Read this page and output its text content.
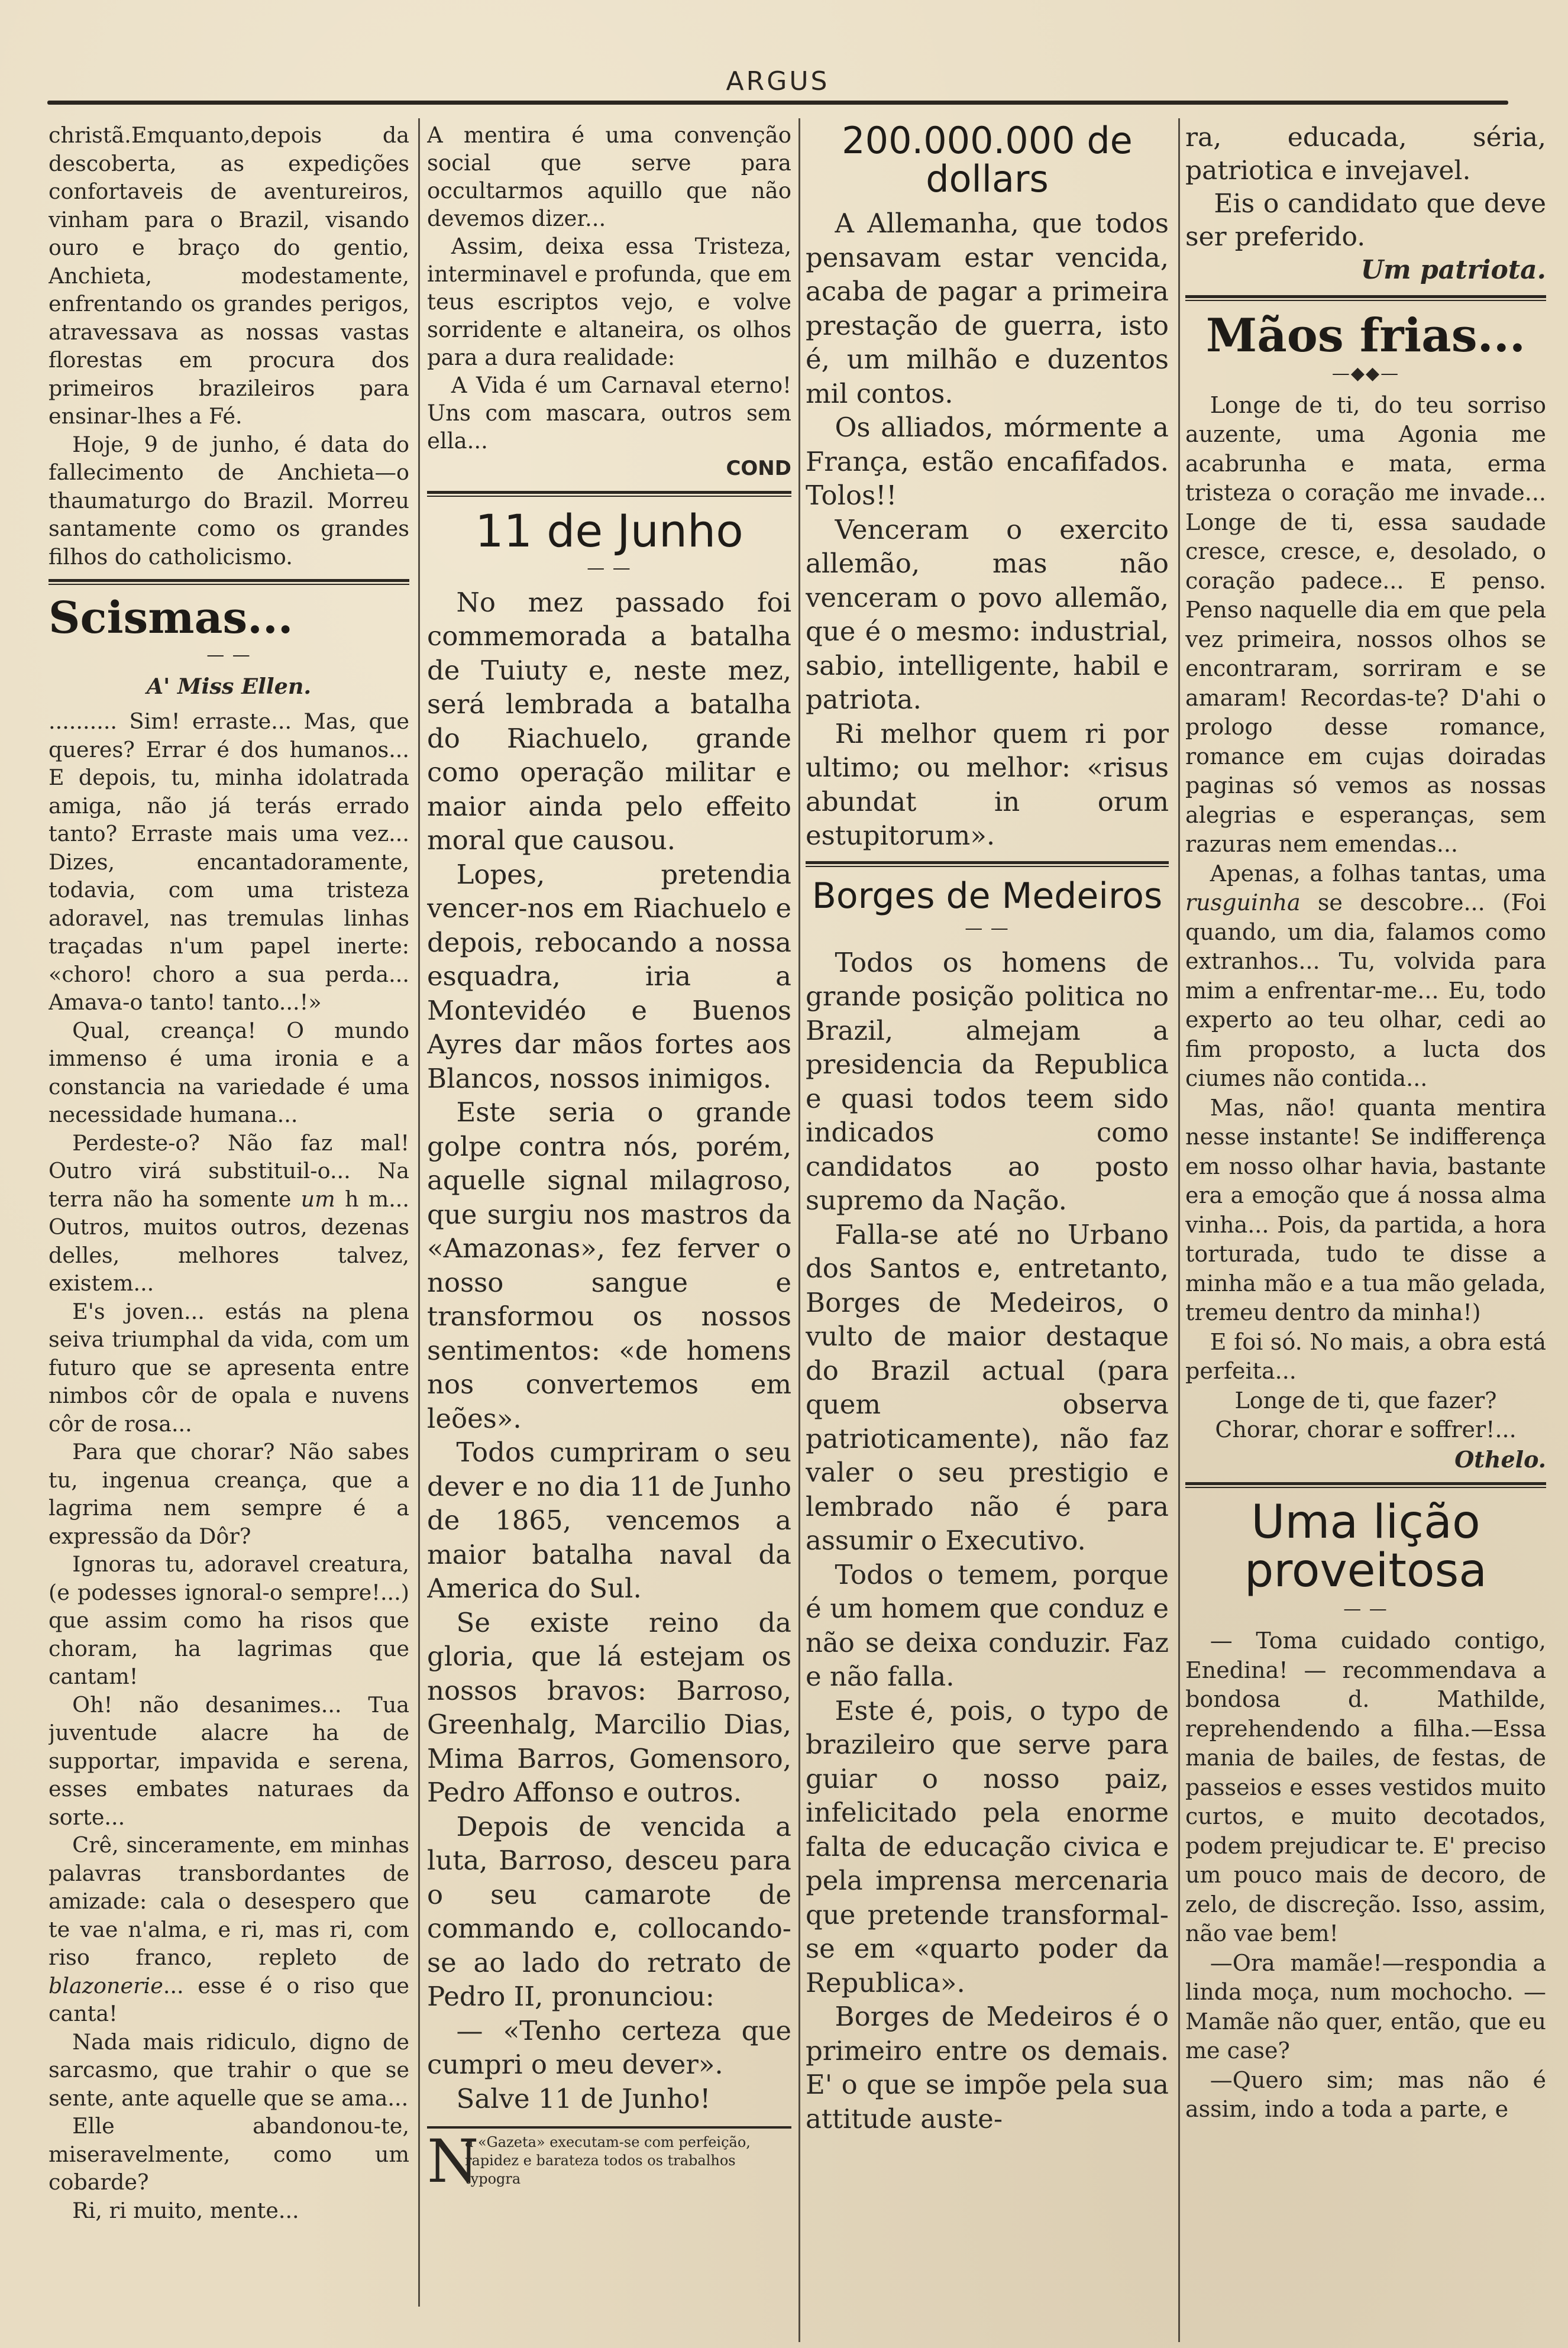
ARGUS

christã.Emquanto,depois da descoberta, as expedições confortaveis de aventureiros, vinham para o Brazil, visando ouro e braço do gentio, Anchieta, modestamente, enfrentando os grandes perigos, atravessava as nossas vastas florestas em procura dos primeiros brazileiros para ensinar-lhes a Fé.

Hoje, 9 de junho, é data do fallecimento de Anchieta—o thaumaturgo do Brazil. Morreu santamente como os grandes filhos do catholicismo.

Scismas...
— —
A' Miss Ellen.

.......... Sim! erraste... Mas, que queres? Errar é dos humanos... E depois, tu, minha idolatrada amiga, não já terás errado tanto? Erraste mais uma vez... Dizes, encantadoramente, todavia, com uma tristeza adoravel, nas tremulas linhas traçadas n'um papel inerte: «choro! choro a sua perda... Amava-o tanto! tanto...!»

Qual, creança! O mundo immenso é uma ironia e a constancia na variedade é uma necessidade humana...

Perdeste-o? Não faz mal! Outro virá substituil-o... Na terra não ha somente um h m... Outros, muitos outros, dezenas delles, melhores talvez, existem...

E's joven... estás na plena seiva triumphal da vida, com um futuro que se apresenta entre nimbos côr de opala e nuvens côr de rosa...

Para que chorar? Não sabes tu, ingenua creança, que a lagrima nem sempre é a expressão da Dôr?

Ignoras tu, adoravel creatura, (e podesses ignoral-o sempre!...) que assim como ha risos que choram, ha lagrimas que cantam!

Oh! não desanimes... Tua juventude alacre ha de supportar, impavida e serena, esses embates naturaes da sorte...

Crê, sinceramente, em minhas palavras transbordantes de amizade: cala o desespero que te vae n'alma, e ri, mas ri, com riso franco, repleto de blazonerie... esse é o riso que canta!

Nada mais ridiculo, digno de sarcasmo, que trahir o que se sente, ante aquelle que se ama...

Elle abandonou-te, miseravelmente, como um cobarde?

Ri, ri muito, mente...

A mentira é uma convenção social que serve para occultarmos aquillo que não devemos dizer...

Assim, deixa essa Tristeza, interminavel e profunda, que em teus escriptos vejo, e volve sorridente e altaneira, os olhos para a dura realidade:

A Vida é um Carnaval eterno! Uns com mascara, outros sem ella...

COND
11 de Junho
— —

No mez passado foi commemorada a batalha de Tuiuty e, neste mez, será lembrada a batalha do Riachuelo, grande como operação militar e maior ainda pelo effeito moral que causou.

Lopes, pretendia vencer-nos em Riachuelo e depois, rebocando a nossa esquadra, iria a Montevidéo e Buenos Ayres dar mãos fortes aos Blancos, nossos inimigos.

Este seria o grande golpe contra nós, porém, aquelle signal milagroso, que surgiu nos mastros da «Amazonas», fez ferver o nosso sangue e transformou os nossos sentimentos: «de homens nos convertemos em leões».

Todos cumpriram o seu dever e no dia 11 de Junho de 1865, vencemos a maior batalha naval da America do Sul.

Se existe reino da gloria, que lá estejam os nossos bravos: Barroso, Greenhalg, Marcilio Dias, Mima Barros, Gomensoro, Pedro Affonso e outros.

Depois de vencida a luta, Barroso, desceu para o seu camarote de commando e, collocando-se ao lado do retrato de Pedro II, pronunciou:

— «Tenho certeza que cumpri o meu dever».

Salve 11 de Junho!

N
a «Gazeta» executam-se com perfeição, rapidez e barateza todos os trabalhos typogra
200.000.000 de dollars

A Allemanha, que todos pensavam estar vencida, acaba de pagar a primeira prestação de guerra, isto é, um milhão e duzentos mil contos.

Os alliados, mórmente a França, estão encafifados. Tolos!!

Venceram o exercito allemão, mas não venceram o povo allemão, que é o mesmo: industrial, sabio, intelligente, habil e patriota.

Ri melhor quem ri por ultimo; ou melhor: «risus abundat in orum estupitorum».

Borges de Medeiros
— —

Todos os homens de grande posição politica no Brazil, almejam a presidencia da Republica e quasi todos teem sido indicados como candidatos ao posto supremo da Nação.

Falla-se até no Urbano dos Santos e, entretanto, Borges de Medeiros, o vulto de maior destaque do Brazil actual (para quem observa patrioticamente), não faz valer o seu prestigio e lembrado não é para assumir o Executivo.

Todos o temem, porque é um homem que conduz e não se deixa conduzir. Faz e não falla.

Este é, pois, o typo de brazileiro que serve para guiar o nosso paiz, infelicitado pela enorme falta de educação civica e pela imprensa mercenaria que pretende transformal-se em «quarto poder da Republica».

Borges de Medeiros é o primeiro entre os demais. E' o que se impõe pela sua attitude auste-

ra, educada, séria, patriotica e invejavel.

Eis o candidato que deve ser preferido.

Um patriota.
Mãos frias...
—◆◆—

Longe de ti, do teu sorriso auzente, uma Agonia me acabrunha e mata, erma tristeza o coração me invade... Longe de ti, essa saudade cresce, cresce, e, desolado, o coração padece... E penso. Penso naquelle dia em que pela vez primeira, nossos olhos se encontraram, sorriram e se amaram! Recordas-te? D'ahi o prologo desse romance, romance em cujas doiradas paginas só vemos as nossas alegrias e esperanças, sem razuras nem emendas...

Apenas, a folhas tantas, uma rusguinha se descobre... (Foi quando, um dia, falamos como extranhos... Tu, volvida para mim a enfrentar-me... Eu, todo experto ao teu olhar, cedi ao fim proposto, a lucta dos ciumes não contida...

Mas, não! quanta mentira nesse instante! Se indifferença em nosso olhar havia, bastante era a emoção que á nossa alma vinha... Pois, da partida, a hora torturada, tudo te disse a minha mão e a tua mão gelada, tremeu dentro da minha!)

E foi só. No mais, a obra está perfeita...

Longe de ti, que fazer?

Chorar, chorar e soffrer!...

Othelo.
Uma lição proveitosa
— —

— Toma cuidado contigo, Enedina! — recommendava a bondosa d. Mathilde, reprehendendo a filha.—Essa mania de bailes, de festas, de passeios e esses vestidos muito curtos, e muito decotados, podem prejudicar te. E' preciso um pouco mais de decoro, de zelo, de discreção. Isso, assim, não vae bem!

—Ora mamãe!—respondia a linda moça, num mochocho. —Mamãe não quer, então, que eu me case?

—Quero sim; mas não é assim, indo a toda a parte, e
